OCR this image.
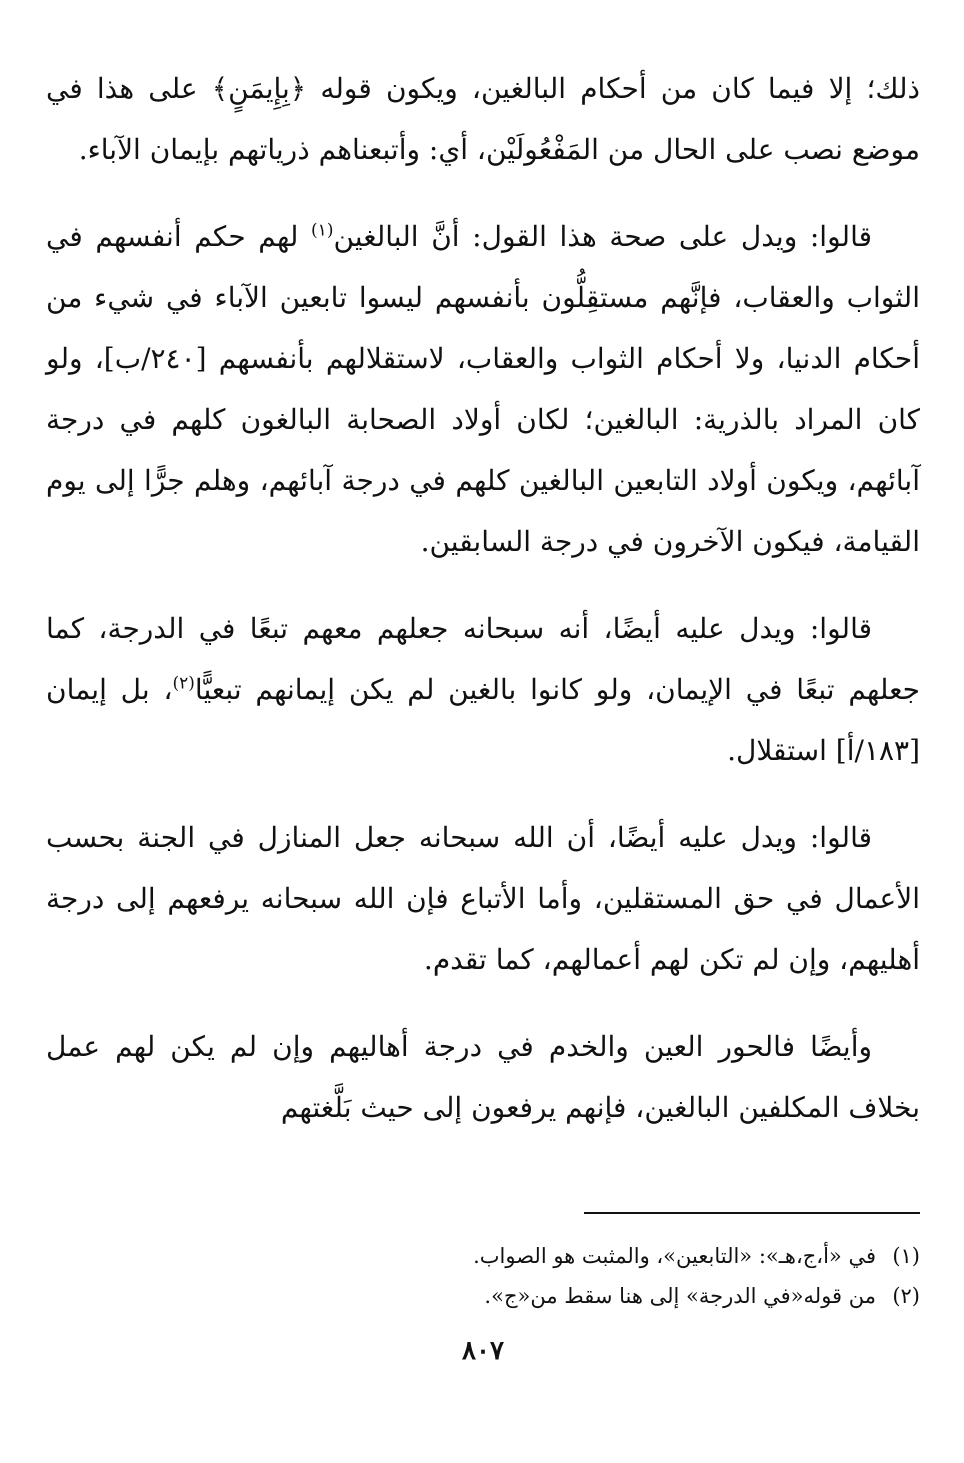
ذلك؛ إلا فيما كان من أحكام البالغين، ويكون قوله ﴿بِإِيمَنٍ﴾ على هذا في موضع نصب على الحال من المَفْعُولَيْن، أي: وأتبعناهم ذرياتهم بإيمان الآباء.

قالوا: ويدل على صحة هذا القول: أنَّ البالغين$^{(١)}$ لهم حكم أنفسهم في الثواب والعقاب، فإنَّهم مستقِلُّون بأنفسهم ليسوا تابعين الآباء في شيء من أحكام الدنيا، ولا أحكام الثواب والعقاب، لاستقلالهم بأنفسهم [٢٤٠/ب]، ولو كان المراد بالذرية: البالغين؛ لكان أولاد الصحابة البالغون كلهم في درجة آبائهم، ويكون أولاد التابعين البالغين كلهم في درجة آبائهم، وهلم جرًّا إلى يوم القيامة، فيكون الآخرون في درجة السابقين.

قالوا: ويدل عليه أيضًا، أنه سبحانه جعلهم معهم تبعًا في الدرجة، كما جعلهم تبعًا في الإيمان، ولو كانوا بالغين لم يكن إيمانهم تبعيًّا$^{(٢)}$، بل إيمان [١٨٣/أ] استقلال.

قالوا: ويدل عليه أيضًا، أن الله سبحانه جعل المنازل في الجنة بحسب الأعمال في حق المستقلين، وأما الأتباع فإن الله سبحانه يرفعهم إلى درجة أهليهم، وإن لم تكن لهم أعمالهم، كما تقدم.

وأيضًا فالحور العين والخدم في درجة أهاليهم وإن لم يكن لهم عمل بخلاف المكلفين البالغين، فإنهم يرفعون إلى حيث بَلَّغتهم

(١)في «أ،ج،هـ»: «التابعين»، والمثبت هو الصواب.

(٢)من قوله«في الدرجة» إلى هنا سقط من«ج».

٨٠٧
